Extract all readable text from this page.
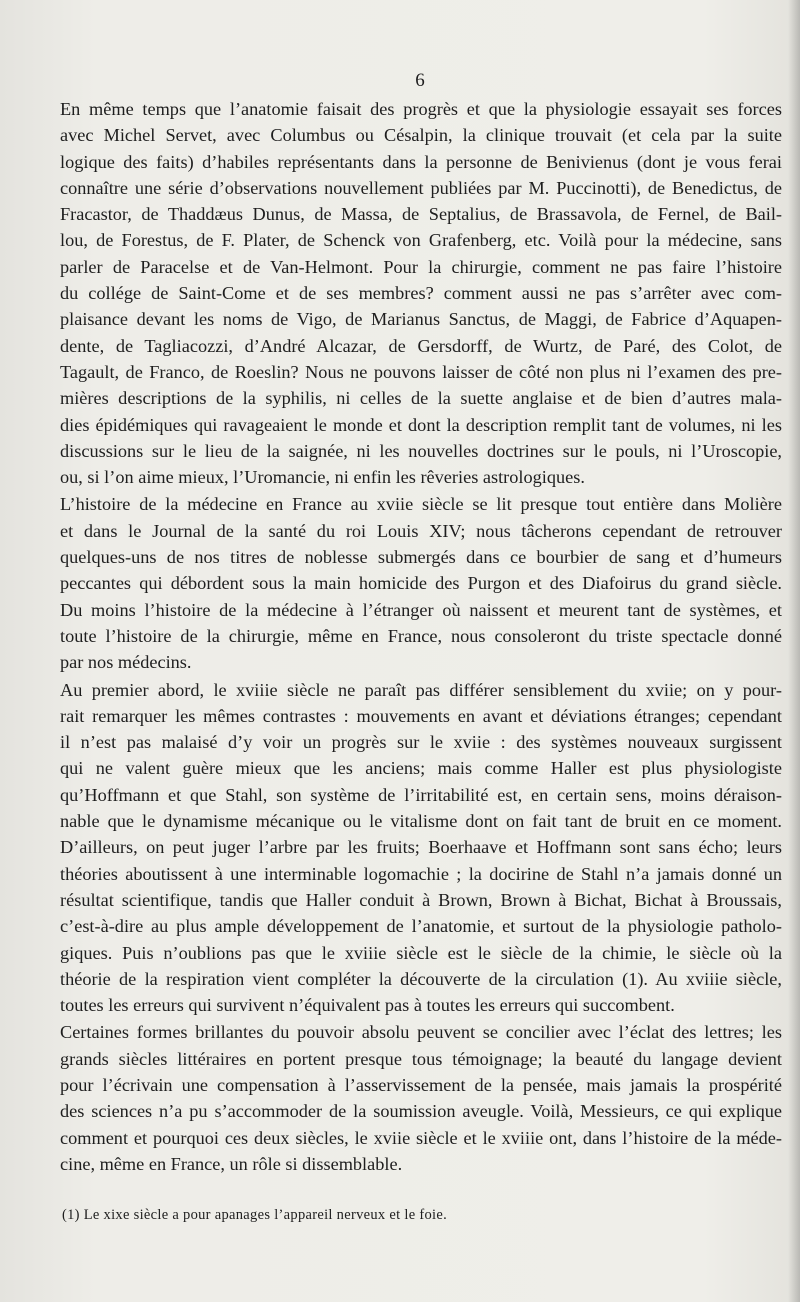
6
En même temps que l’anatomie faisait des progrès et que la physiologie essayait ses forces
avec Michel Servet, avec Columbus ou Césalpin, la clinique trouvait (et cela par la suite
logique des faits) d’habiles représentants dans la personne de Benivienus (dont je vous ferai
connaître une série d’observations nouvellement publiées par M. Puccinotti), de Benedictus, de
Fracastor, de Thaddæus Dunus, de Massa, de Septalius, de Brassavola, de Fernel, de Bail-
lou, de Forestus, de F. Plater, de Schenck von Grafenberg, etc. Voilà pour la médecine, sans
parler de Paracelse et de Van-Helmont. Pour la chirurgie, comment ne pas faire l’histoire
du collége de Saint-Come et de ses membres? comment aussi ne pas s’arrêter avec com-
plaisance devant les noms de Vigo, de Marianus Sanctus, de Maggi, de Fabrice d’Aquapen-
dente, de Tagliacozzi, d’André Alcazar, de Gersdorff, de Wurtz, de Paré, des Colot, de
Tagault, de Franco, de Roeslin? Nous ne pouvons laisser de côté non plus ni l’examen des pre-
mières descriptions de la syphilis, ni celles de la suette anglaise et de bien d’autres mala-
dies épidémiques qui ravageaient le monde et dont la description remplit tant de volumes, ni les
discussions sur le lieu de la saignée, ni les nouvelles doctrines sur le pouls, ni l’Uroscopie,
ou, si l’on aime mieux, l’Uromancie, ni enfin les rêveries astrologiques.
L’histoire de la médecine en France au xviie siècle se lit presque tout entière dans Molière
et dans le Journal de la santé du roi Louis XIV; nous tâcherons cependant de retrouver
quelques-uns de nos titres de noblesse submergés dans ce bourbier de sang et d’humeurs
peccantes qui débordent sous la main homicide des Purgon et des Diafoirus du grand siècle.
Du moins l’histoire de la médecine à l’étranger où naissent et meurent tant de systèmes, et
toute l’histoire de la chirurgie, même en France, nous consoleront du triste spectacle donné
par nos médecins.
Au premier abord, le xviiie siècle ne paraît pas différer sensiblement du xviie; on y pour-
rait remarquer les mêmes contrastes : mouvements en avant et déviations étranges; cependant
il n’est pas malaisé d’y voir un progrès sur le xviie : des systèmes nouveaux surgissent
qui ne valent guère mieux que les anciens; mais comme Haller est plus physiologiste
qu’Hoffmann et que Stahl, son système de l’irritabilité est, en certain sens, moins déraison-
nable que le dynamisme mécanique ou le vitalisme dont on fait tant de bruit en ce moment.
D’ailleurs, on peut juger l’arbre par les fruits; Boerhaave et Hoffmann sont sans écho; leurs
théories aboutissent à une interminable logomachie ; la docirine de Stahl n’a jamais donné un
résultat scientifique, tandis que Haller conduit à Brown, Brown à Bichat, Bichat à Broussais,
c’est-à-dire au plus ample développement de l’anatomie, et surtout de la physiologie patholo-
giques. Puis n’oublions pas que le xviiie siècle est le siècle de la chimie, le siècle où la
théorie de la respiration vient compléter la découverte de la circulation (1). Au xviiie siècle,
toutes les erreurs qui survivent n’équivalent pas à toutes les erreurs qui succombent.
Certaines formes brillantes du pouvoir absolu peuvent se concilier avec l’éclat des lettres; les
grands siècles littéraires en portent presque tous témoignage; la beauté du langage devient
pour l’écrivain une compensation à l’asservissement de la pensée, mais jamais la prospérité
des sciences n’a pu s’accommoder de la soumission aveugle. Voilà, Messieurs, ce qui explique
comment et pourquoi ces deux siècles, le xviie siècle et le xviiie ont, dans l’histoire de la méde-
cine, même en France, un rôle si dissemblable.
(1) Le xixe siècle a pour apanages l’appareil nerveux et le foie.
